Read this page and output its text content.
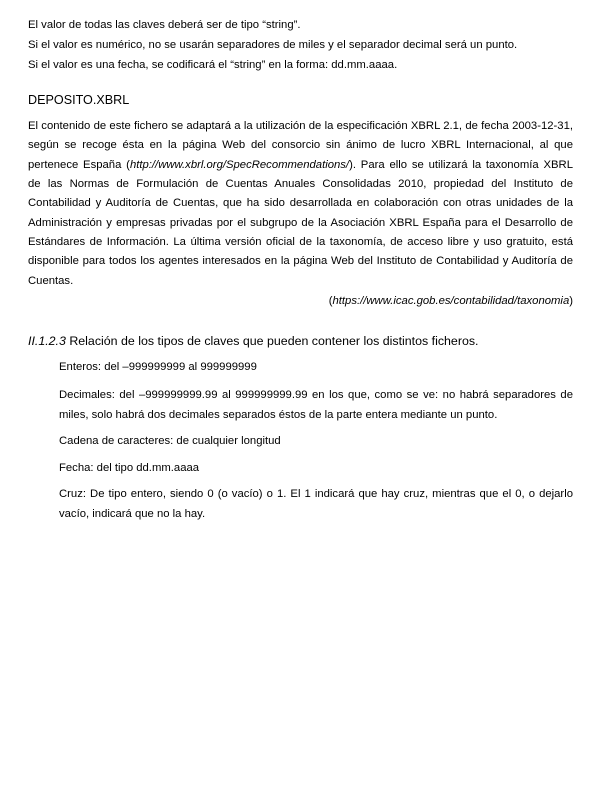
El valor de todas las claves deberá ser de tipo “string”.
Si el valor es numérico, no se usarán separadores de miles y el separador decimal será un punto.
Si el valor es una fecha, se codificará el “string” en la forma: dd.mm.aaaa.
DEPOSITO.XBRL
El contenido de este fichero se adaptará a la utilización de la especificación XBRL 2.1, de fecha 2003-12-31, según se recoge ésta en la página Web del consorcio sin ánimo de lucro XBRL Internacional, al que pertenece España (http://www.xbrl.org/SpecRecommendations/). Para ello se utilizará la taxonomía XBRL de las Normas de Formulación de Cuentas Anuales Consolidadas 2010, propiedad del Instituto de Contabilidad y Auditoría de Cuentas, que ha sido desarrollada en colaboración con otras unidades de la Administración y empresas privadas por el subgrupo de la Asociación XBRL España para el Desarrollo de Estándares de Información. La última versión oficial de la taxonomía, de acceso libre y uso gratuito, está disponible para todos los agentes interesados en la página Web del Instituto de Contabilidad y Auditoría de Cuentas.
(https://www.icac.gob.es/contabilidad/taxonomia)
II.1.2.3 Relación de los tipos de claves que pueden contener los distintos ficheros.
Enteros: del –999999999 al 999999999
Decimales: del –999999999.99 al 999999999.99 en los que, como se ve: no habrá separadores de miles, solo habrá dos decimales separados éstos de la parte entera mediante un punto.
Cadena de caracteres: de cualquier longitud
Fecha: del tipo dd.mm.aaaa
Cruz: De tipo entero, siendo 0 (o vacío) o 1. El 1 indicará que hay cruz, mientras que el 0, o dejarlo vacío, indicará que no la hay.
